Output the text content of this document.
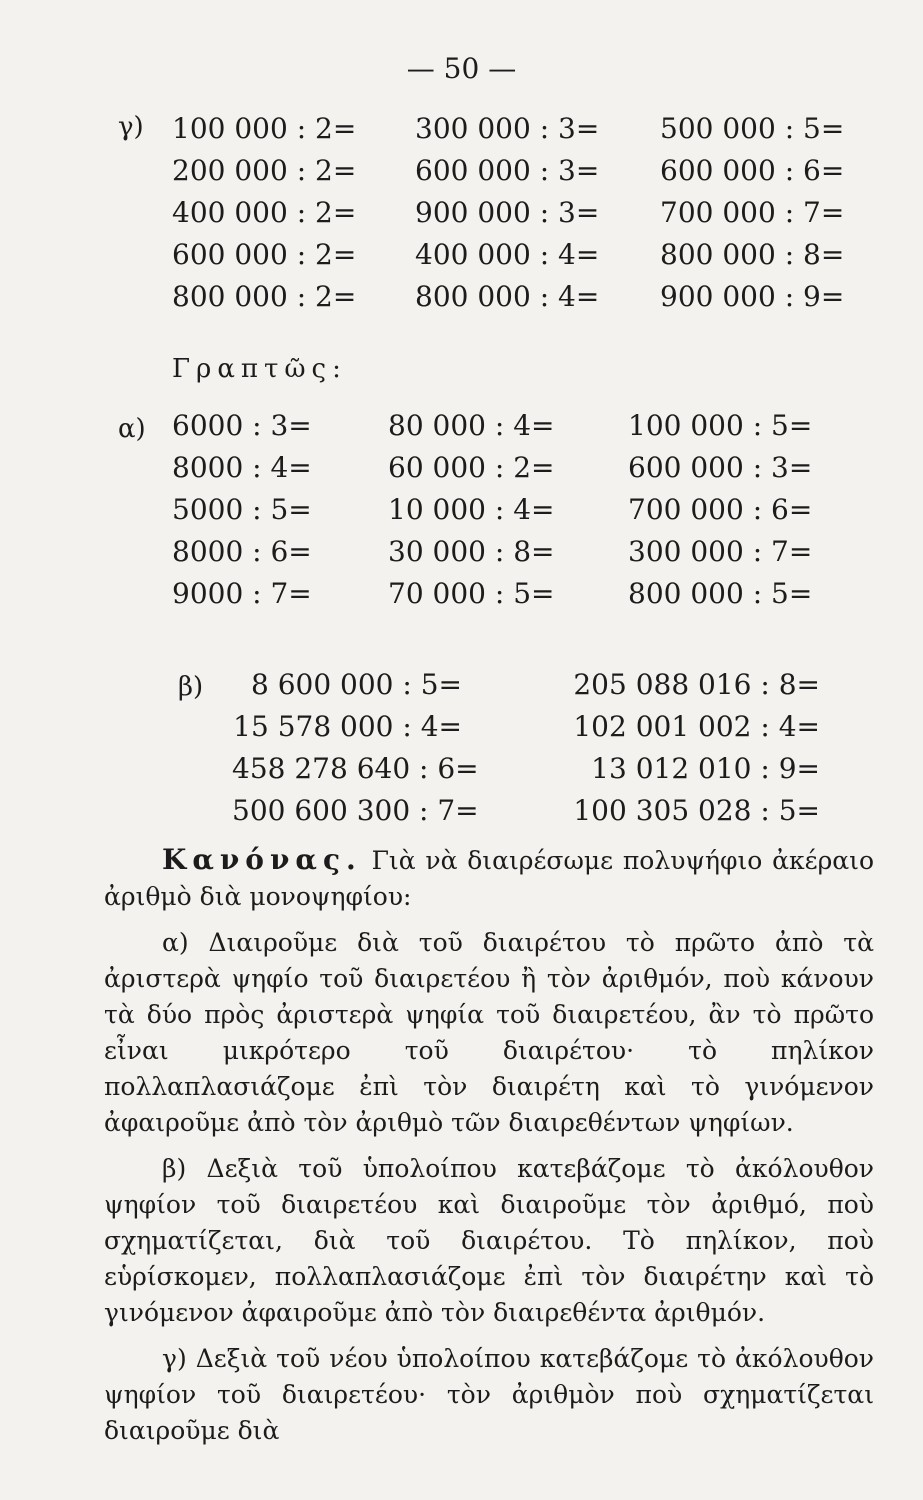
— 50 —
γ) 100 000 : 2=
200 000 : 2=
400 000 : 2=
600 000 : 2=
800 000 : 2=
300 000 : 3=
600 000 : 3=
900 000 : 3=
400 000 : 4=
800 000 : 4=
500 000 : 5=
600 000 : 6=
700 000 : 7=
800 000 : 8=
900 000 : 9=
Γραπτῶς:
α) 6000 : 3=
8000 : 4=
5000 : 5=
8000 : 6=
9000 : 7=
80 000 : 4=
60 000 : 2=
10 000 : 4=
30 000 : 8=
70 000 : 5=
100 000 : 5=
600 000 : 3=
700 000 : 6=
300 000 : 7=
800 000 : 5=
β)	8 600 000 : 5=
15 578 000 : 4=
458 278 640 : 6=
500 600 300 : 7=
205 088 016 : 8=
102 001 002 : 4=
13 012 010 : 9=
100 305 028 : 5=

Κανόνας. Γιὰ νὰ διαιρέσωμε πολυψήφιο ἀκέραιο ἀριθμὸ διὰ μονοψηφίου:

α) Διαιροῦμε διὰ τοῦ διαιρέτου τὸ πρῶτο ἀπὸ τὰ ἀριστερὰ ψηφίο τοῦ διαιρετέου ἢ τὸν ἀριθμόν, ποὺ κάνουν τὰ δύο πρὸς ἀριστερὰ ψηφία τοῦ διαιρετέου, ἂν τὸ πρῶτο εἶναι μικρότερο τοῦ διαιρέτου· τὸ πηλίκον πολλαπλασιάζομε ἐπὶ τὸν διαιρέτη καὶ τὸ γινόμενον ἀφαιροῦμε ἀπὸ τὸν ἀριθμὸ τῶν διαιρεθέντων ψηφίων.

β) Δεξιὰ τοῦ ὑπολοίπου κατεβάζομε τὸ ἀκόλουθον ψηφίον τοῦ διαιρετέου καὶ διαιροῦμε τὸν ἀριθμό, ποὺ σχηματίζεται, διὰ τοῦ διαιρέτου. Τὸ πηλίκον, ποὺ εὑρίσκομεν, πολλαπλασιάζομε ἐπὶ τὸν διαιρέτην καὶ τὸ γινόμενον ἀφαιροῦμε ἀπὸ τὸν διαιρεθέντα ἀριθμόν.

γ) Δεξιὰ τοῦ νέου ὑπολοίπου κατεβάζομε τὸ ἀκόλουθον ψηφίον τοῦ διαιρετέου· τὸν ἀριθμὸν ποὺ σχηματίζεται διαιροῦμε διὰ
